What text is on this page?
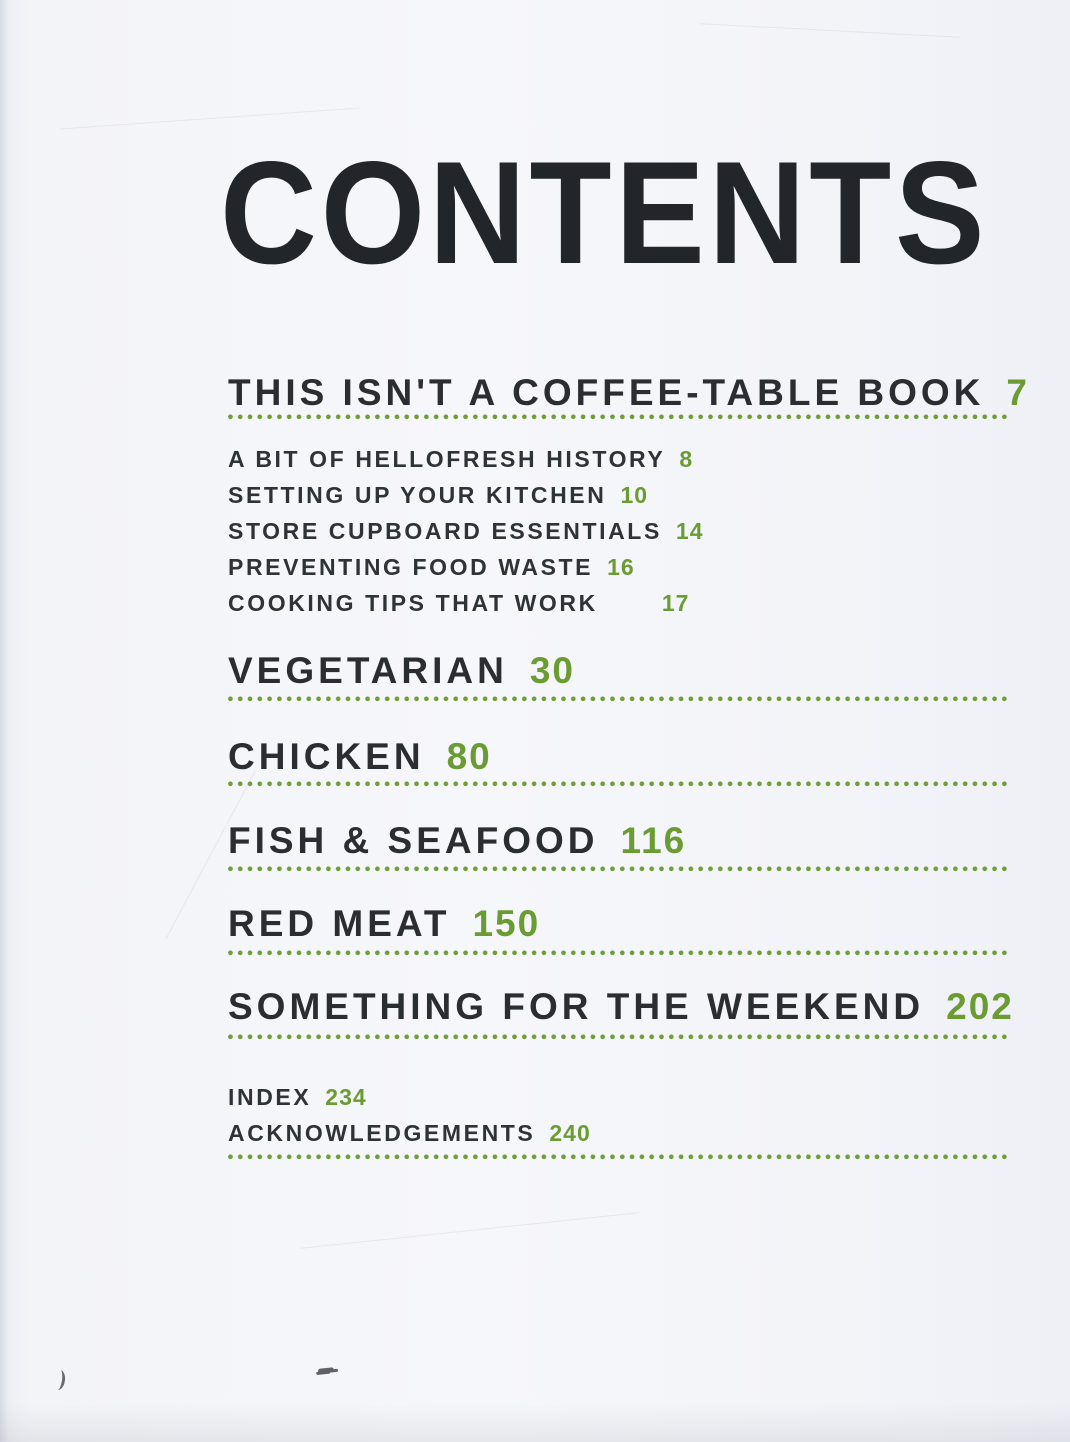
CONTENTS
THIS ISN'T A COFFEE-TABLE BOOK 7
A BIT OF HELLOFRESH HISTORY 8
SETTING UP YOUR KITCHEN 10
STORE CUPBOARD ESSENTIALS 14
PREVENTING FOOD WASTE 16
COOKING TIPS THAT WORK	17
VEGETARIAN 30
CHICKEN 80
FISH & SEAFOOD 116
RED MEAT 150
SOMETHING FOR THE WEEKEND 202
INDEX 234
ACKNOWLEDGEMENTS 240
